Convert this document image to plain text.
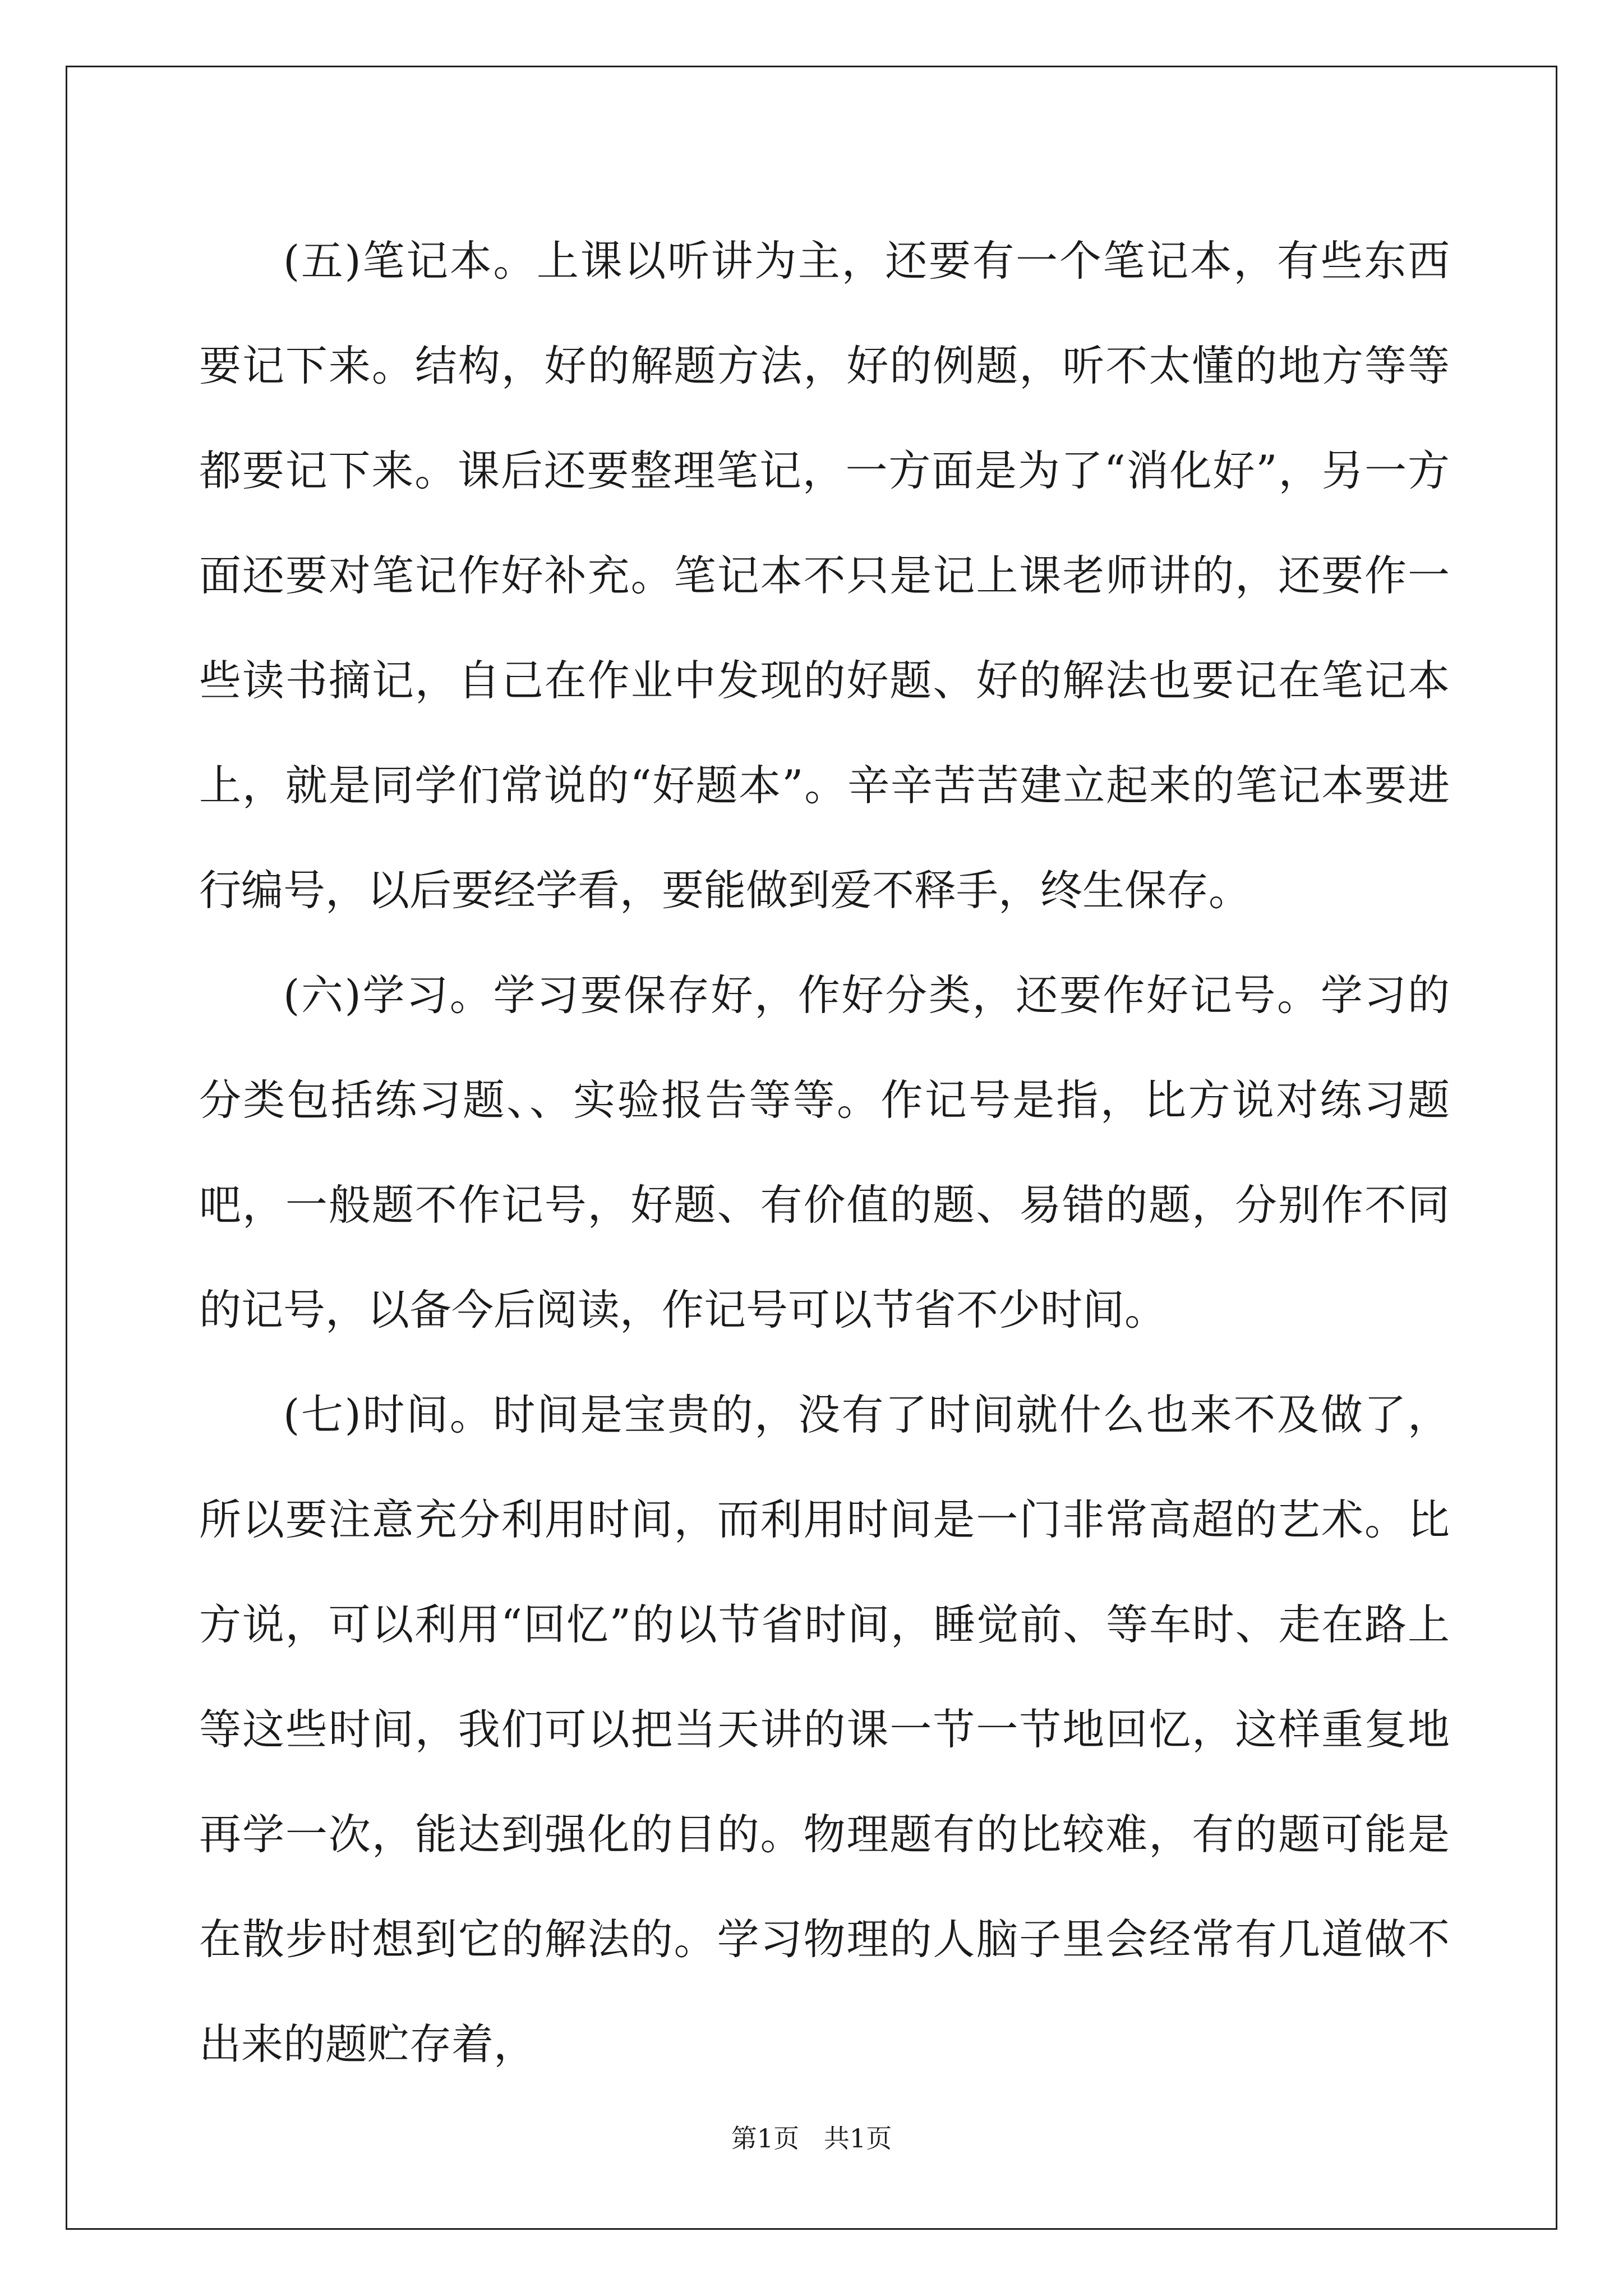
(五)笔记本。上课以听讲为主，还要有一个笔记本，有些东西要记下来。结构，好的解题方法，好的例题，听不太懂的地方等等都要记下来。课后还要整理笔记，一方面是为了“消化好”，另一方面还要对笔记作好补充。笔记本不只是记上课老师讲的，还要作一些读书摘记，自己在作业中发现的好题、好的解法也要记在笔记本上，就是同学们常说的“好题本”。辛辛苦苦建立起来的笔记本要进行编号，以后要经学看，要能做到爱不释手，终生保存。

(六)学习。学习要保存好，作好分类，还要作好记号。学习的分类包括练习题、、实验报告等等。作记号是指，比方说对练习题吧，一般题不作记号，好题、有价值的题、易错的题，分别作不同的记号，以备今后阅读，作记号可以节省不少时间。

(七)时间。时间是宝贵的，没有了时间就什么也来不及做了，所以要注意充分利用时间，而利用时间是一门非常高超的艺术。比方说，可以利用“回忆”的以节省时间，睡觉前、等车时、走在路上等这些时间，我们可以把当天讲的课一节一节地回忆，这样重复地再学一次，能达到强化的目的。物理题有的比较难，有的题可能是在散步时想到它的解法的。学习物理的人脑子里会经常有几道做不出来的题贮存着，

第1页   共1页
